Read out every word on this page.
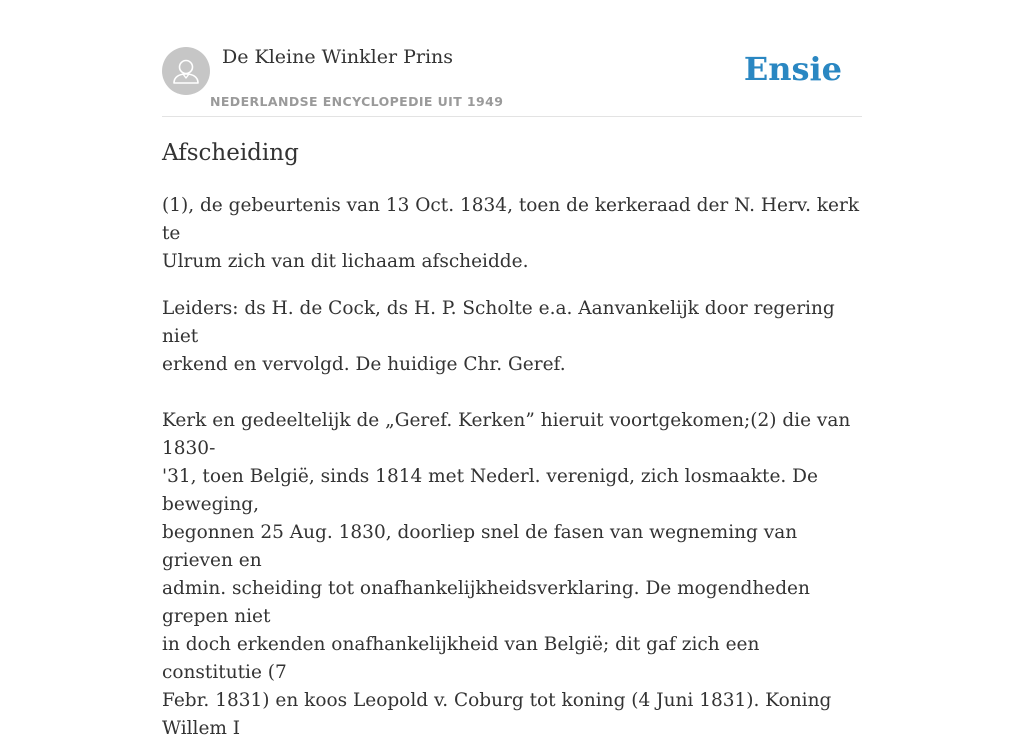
De Kleine Winkler Prins
NEDERLANDSE ENCYCLOPEDIE UIT 1949
Ensie
Afscheiding

(1), de gebeurtenis van 13 Oct. 1834, toen de kerkeraad der N. Herv. kerk te
Ulrum zich van dit lichaam afscheidde.

Leiders: ds H. de Cock, ds H. P. Scholte e.a. Aanvankelijk door regering niet
erkend en vervolgd. De huidige Chr. Geref.

Kerk en gedeeltelijk de „Geref. Kerken” hieruit voortgekomen;(2) die van 1830-
'31, toen België, sinds 1814 met Nederl. verenigd, zich losmaakte. De beweging,
begonnen 25 Aug. 1830, doorliep snel de fasen van wegneming van grieven en
admin. scheiding tot onafhankelijkheidsverklaring. De mogendheden grepen niet
in doch erkenden onafhankelijkheid van België; dit gaf zich een constitutie (7
Febr. 1831) en koos Leopold v. Coburg tot koning (4 Juni 1831). Koning Willem I
